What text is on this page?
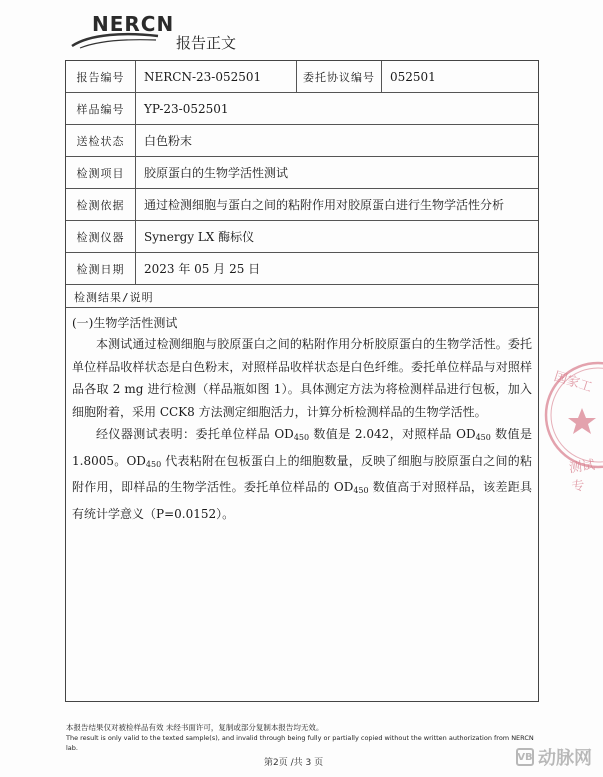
NERCN
报告正文
报告编号	NERCN-23-052501	委托协议编号	052501
样品编号	YP-23-052501
送检状态	白色粉末
检测项目	胶原蛋白的生物学活性测试
检测依据	通过检测细胞与蛋白之间的粘附作用对胶原蛋白进行生物学活性分析
检测仪器	Synergy LX 酶标仪
检测日期	2023 年 05 月 25 日
检测结果/说明
(一)生物学活性测试

本测试通过检测细胞与胶原蛋白之间的粘附作用分析胶原蛋白的生物学活性。委托单位样品收样状态是白色粉末，对照样品收样状态是白色纤维。委托单位样品与对照样品各取 2 mg 进行检测（样品瓶如图 1）。具体测定方法为将检测样品进行包板，加入细胞附着，采用 CCK8 方法测定细胞活力，计算分析检测样品的生物学活性。

经仪器测试表明：委托单位样品 $OD_{450}$ 数值是 2.042，对照样品 $OD_{450}$ 数值是 1.8005。$OD_{450}$ 代表粘附在包板蛋白上的细胞数量，反映了细胞与胶原蛋白之间的粘附作用，即样品的生物学活性。委托单位样品的 $OD_{450}$ 数值高于对照样品，该差距具有统计学意义（P=0.0152）。

国家工
测试专
本报告结果仅对被检样品有效 未经书面许可，复制或部分复制本报告均无效。
The result is only valid to the texted sample(s), and invalid through being fully or partially copied without the written authorization from NERCN lab.
第2页 /共 3 页
VB 动脉网
